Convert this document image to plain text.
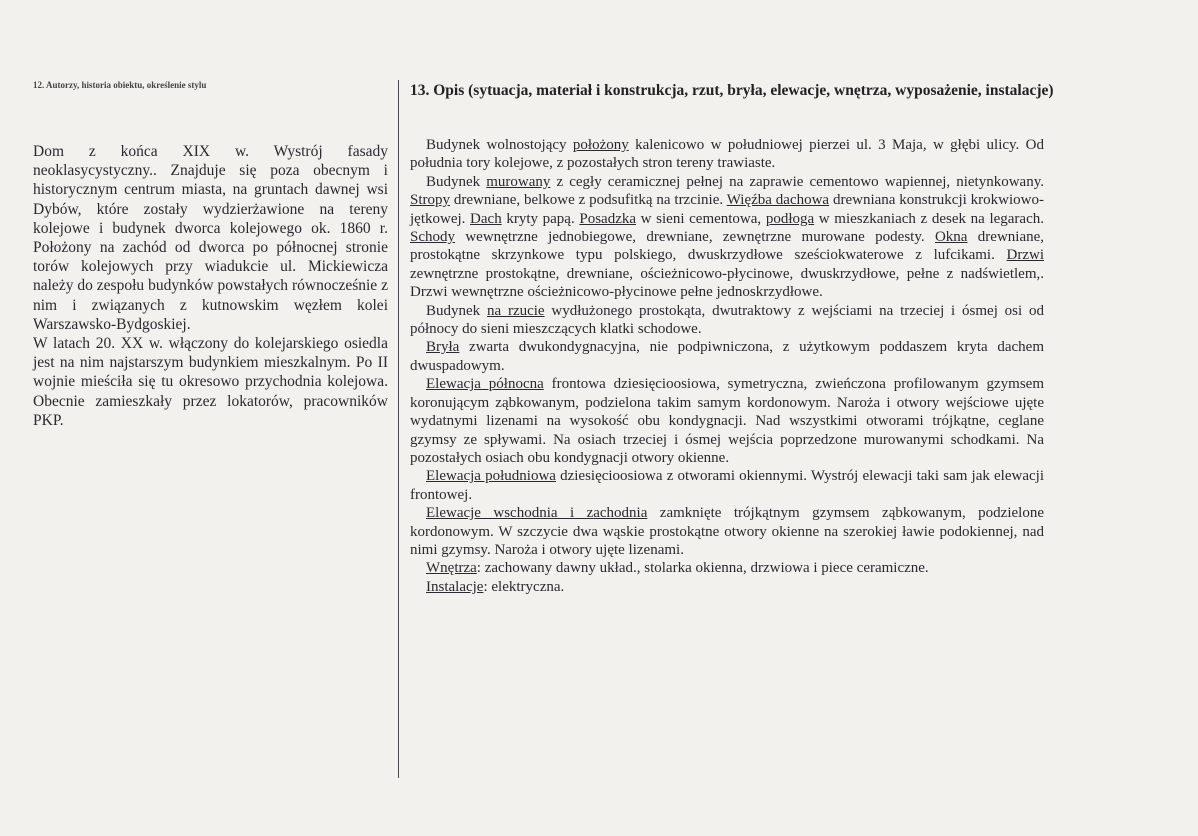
12. Autorzy, historia obiektu, określenie stylu

Dom z końca XIX w. Wystrój fasady neoklasycystyczny.. Znajduje się poza obecnym i historycznym centrum miasta, na gruntach dawnej wsi Dybów, które zostały wydzierżawione na tereny kolejowe i budynek dworca kolejowego ok. 1860 r. Położony na zachód od dworca po północnej stronie torów kolejowych przy wiadukcie ul. Mickiewicza należy do zespołu budynków powstałych równocześnie z nim i związanych z kutnowskim węzłem kolei Warszawsko-Bydgoskiej.

W latach 20. XX w. włączony do kolejarskiego osiedla jest na nim najstarszym budynkiem mieszkalnym. Po II wojnie mieściła się tu okresowo przychodnia kolejowa. Obecnie zamieszkały przez lokatorów, pracowników PKP.

13. Opis (sytuacja, materiał i konstrukcja, rzut, bryła, elewacje, wnętrza, wyposażenie, instalacje)

Budynek wolnostojący położony kalenicowo w południowej pierzei ul. 3 Maja, w głębi ulicy. Od południa tory kolejowe, z pozostałych stron tereny trawiaste.

Budynek murowany z cegły ceramicznej pełnej na zaprawie cementowo wapiennej, nietynkowany. Stropy drewniane, belkowe z podsufitką na trzcinie. Więźba dachowa drewniana konstrukcji krokwiowo-jętkowej. Dach kryty papą. Posadzka w sieni cementowa, podłoga w mieszkaniach z desek na legarach. Schody wewnętrzne jednobiegowe, drewniane, zewnętrzne murowane podesty. Okna drewniane, prostokątne skrzynkowe typu polskiego, dwuskrzydłowe sześciokwaterowe z lufcikami. Drzwi zewnętrzne prostokątne, drewniane, ościeżnicowo-płycinowe, dwuskrzydłowe, pełne z nadświetlem,. Drzwi wewnętrzne ościeżnicowo-płycinowe pełne jednoskrzydłowe.

Budynek na rzucie wydłużonego prostokąta, dwutraktowy z wejściami na trzeciej i ósmej osi od północy do sieni mieszczących klatki schodowe.

Bryła zwarta dwukondygnacyjna, nie podpiwniczona, z użytkowym poddaszem kryta dachem dwuspadowym.

Elewacja północna frontowa dziesięcioosiowa, symetryczna, zwieńczona profilowanym gzymsem koronującym ząbkowanym, podzielona takim samym kordonowym. Naroża i otwory wejściowe ujęte wydatnymi lizenami na wysokość obu kondygnacji. Nad wszystkimi otworami trójkątne, ceglane gzymsy ze spływami. Na osiach trzeciej i ósmej wejścia poprzedzone murowanymi schodkami. Na pozostałych osiach obu kondygnacji otwory okienne.

Elewacja południowa dziesięcioosiowa z otworami okiennymi. Wystrój elewacji taki sam jak elewacji frontowej.

Elewacje wschodnia i zachodnia zamknięte trójkątnym gzymsem ząbkowanym, podzielone kordonowym. W szczycie dwa wąskie prostokątne otwory okienne na szerokiej ławie podokiennej, nad nimi gzymsy. Naroża i otwory ujęte lizenami.

Wnętrza: zachowany dawny układ., stolarka okienna, drzwiowa i piece ceramiczne.

Instalacje: elektryczna.
